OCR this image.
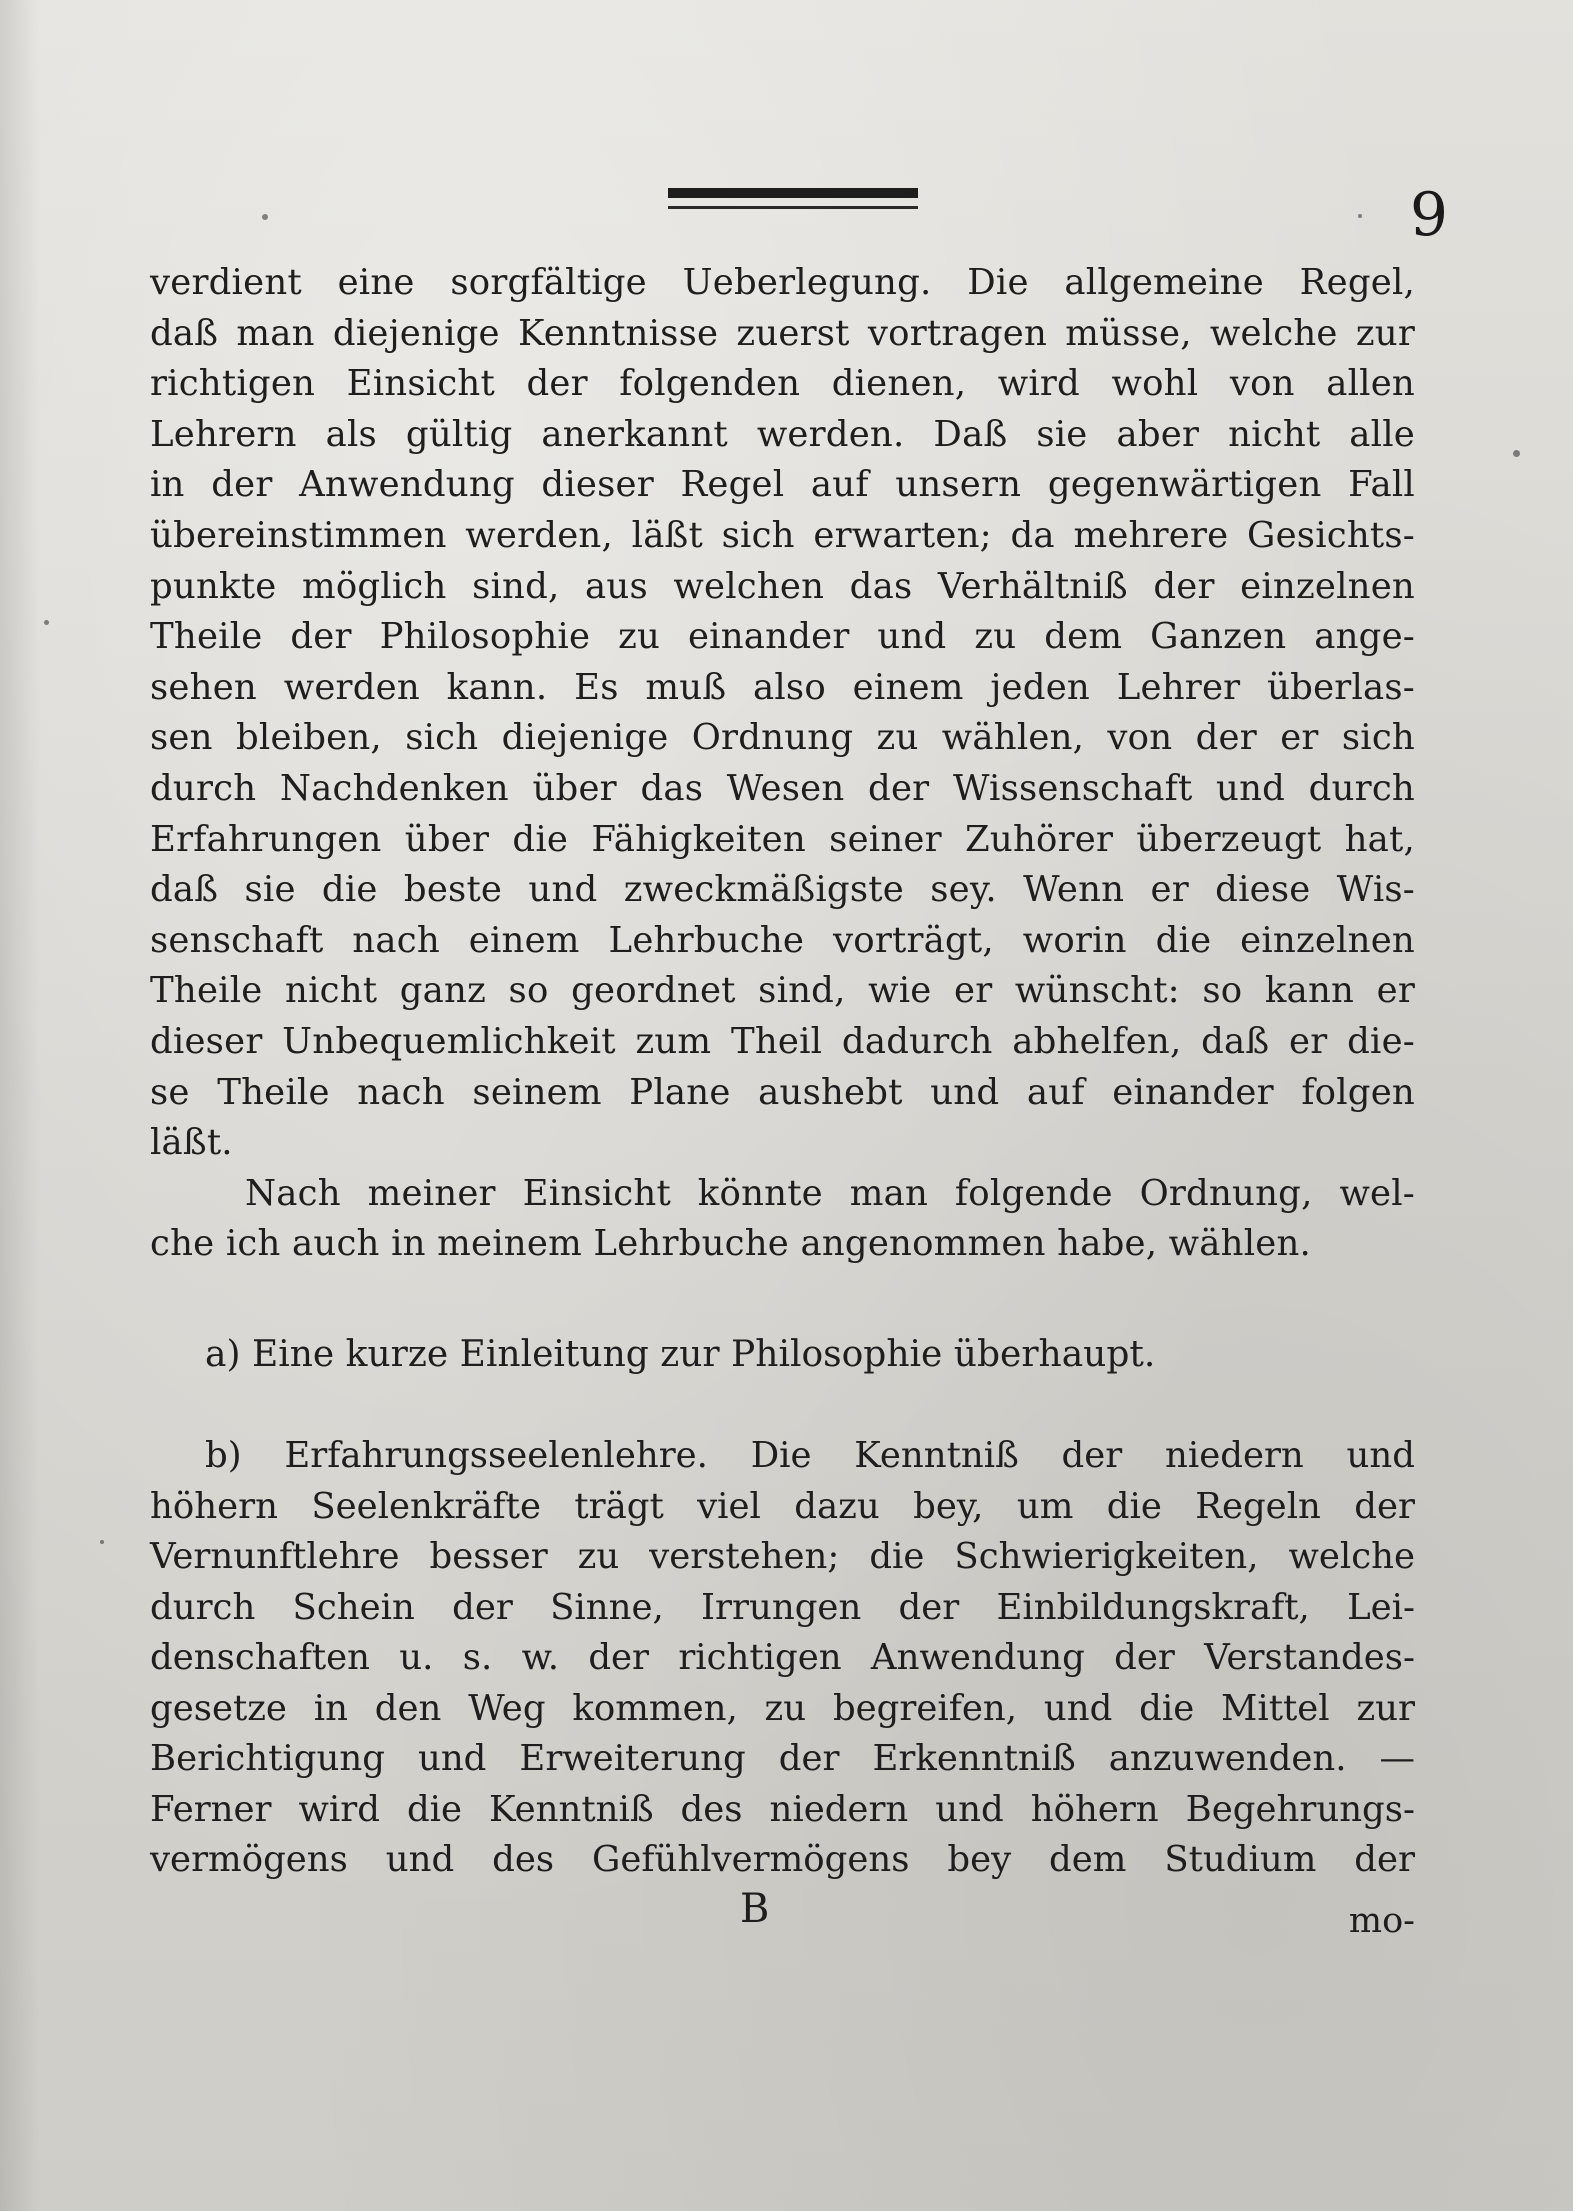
9
verdient eine sorgfältige Ueberlegung. Die allgemeine Regel,
daß man diejenige Kenntnisse zuerst vortragen müsse, welche zur
richtigen Einsicht der folgenden dienen, wird wohl von allen
Lehrern als gültig anerkannt werden. Daß sie aber nicht alle
in der Anwendung dieser Regel auf unsern gegenwärtigen Fall
übereinstimmen werden, läßt sich erwarten; da mehrere Gesichts-
punkte möglich sind, aus welchen das Verhältniß der einzelnen
Theile der Philosophie zu einander und zu dem Ganzen ange-
sehen werden kann. Es muß also einem jeden Lehrer überlas-
sen bleiben, sich diejenige Ordnung zu wählen, von der er sich
durch Nachdenken über das Wesen der Wissenschaft und durch
Erfahrungen über die Fähigkeiten seiner Zuhörer überzeugt hat,
daß sie die beste und zweckmäßigste sey. Wenn er diese Wis-
senschaft nach einem Lehrbuche vorträgt, worin die einzelnen
Theile nicht ganz so geordnet sind, wie er wünscht: so kann er
dieser Unbequemlichkeit zum Theil dadurch abhelfen, daß er die-
se Theile nach seinem Plane aushebt und auf einander folgen
läßt.
Nach meiner Einsicht könnte man folgende Ordnung, wel-
che ich auch in meinem Lehrbuche angenommen habe, wählen.
a) Eine kurze Einleitung zur Philosophie überhaupt.
b) Erfahrungsseelenlehre. Die Kenntniß der niedern und
höhern Seelenkräfte trägt viel dazu bey, um die Regeln der
Vernunftlehre besser zu verstehen; die Schwierigkeiten, welche
durch Schein der Sinne, Irrungen der Einbildungskraft, Lei-
denschaften u. s. w. der richtigen Anwendung der Verstandes-
gesetze in den Weg kommen, zu begreifen, und die Mittel zur
Berichtigung und Erweiterung der Erkenntniß anzuwenden. —
Ferner wird die Kenntniß des niedern und höhern Begehrungs-
vermögens und des Gefühlvermögens bey dem Studium der
B	mo-
